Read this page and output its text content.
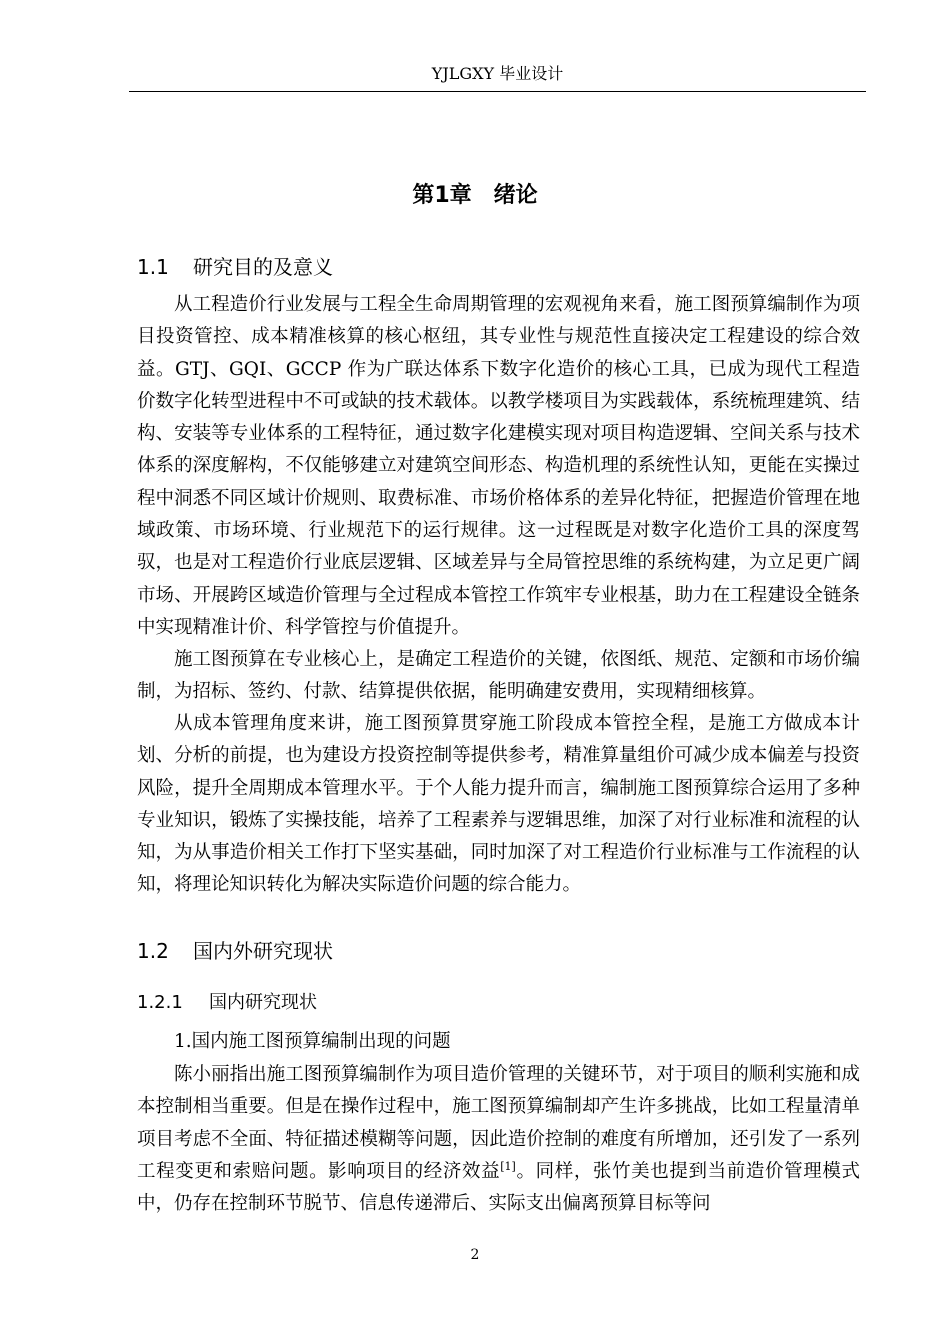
YJLGXY 毕业设计
第1章　绪论
1.1 研究目的及意义
从工程造价行业发展与工程全生命周期管理的宏观视角来看，施工图预算编制作为项目投资管控、成本精准核算的核心枢纽，其专业性与规范性直接决定工程建设的综合效益。GTJ、GQI、GCCP 作为广联达体系下数字化造价的核心工具，已成为现代工程造价数字化转型进程中不可或缺的技术载体。以教学楼项目为实践载体，系统梳理建筑、结构、安装等专业体系的工程特征，通过数字化建模实现对项目构造逻辑、空间关系与技术体系的深度解构，不仅能够建立对建筑空间形态、构造机理的系统性认知，更能在实操过程中洞悉不同区域计价规则、取费标准、市场价格体系的差异化特征，把握造价管理在地域政策、市场环境、行业规范下的运行规律。这一过程既是对数字化造价工具的深度驾驭，也是对工程造价行业底层逻辑、区域差异与全局管控思维的系统构建，为立足更广阔市场、开展跨区域造价管理与全过程成本管控工作筑牢专业根基，助力在工程建设全链条中实现精准计价、科学管控与价值提升。
施工图预算在专业核心上，是确定工程造价的关键，依图纸、规范、定额和市场价编制，为招标、签约、付款、结算提供依据，能明确建安费用，实现精细核算。
从成本管理角度来讲，施工图预算贯穿施工阶段成本管控全程，是施工方做成本计划、分析的前提，也为建设方投资控制等提供参考，精准算量组价可减少成本偏差与投资风险，提升全周期成本管理水平。于个人能力提升而言，编制施工图预算综合运用了多种专业知识，锻炼了实操技能，培养了工程素养与逻辑思维，加深了对行业标准和流程的认知，为从事造价相关工作打下坚实基础，同时加深了对工程造价行业标准与工作流程的认知，将理论知识转化为解决实际造价问题的综合能力。
1.2 国内外研究现状
1.2.1 国内研究现状
1.国内施工图预算编制出现的问题
陈小丽指出施工图预算编制作为项目造价管理的关键环节，对于项目的顺利实施和成本控制相当重要。但是在操作过程中，施工图预算编制却产生许多挑战，比如工程量清单项目考虑不全面、特征描述模糊等问题，因此造价控制的难度有所增加，还引发了一系列工程变更和索赔问题。影响项目的经济效益[1]。同样，张竹美也提到当前造价管理模式中，仍存在控制环节脱节、信息传递滞后、实际支出偏离预算目标等问
2
